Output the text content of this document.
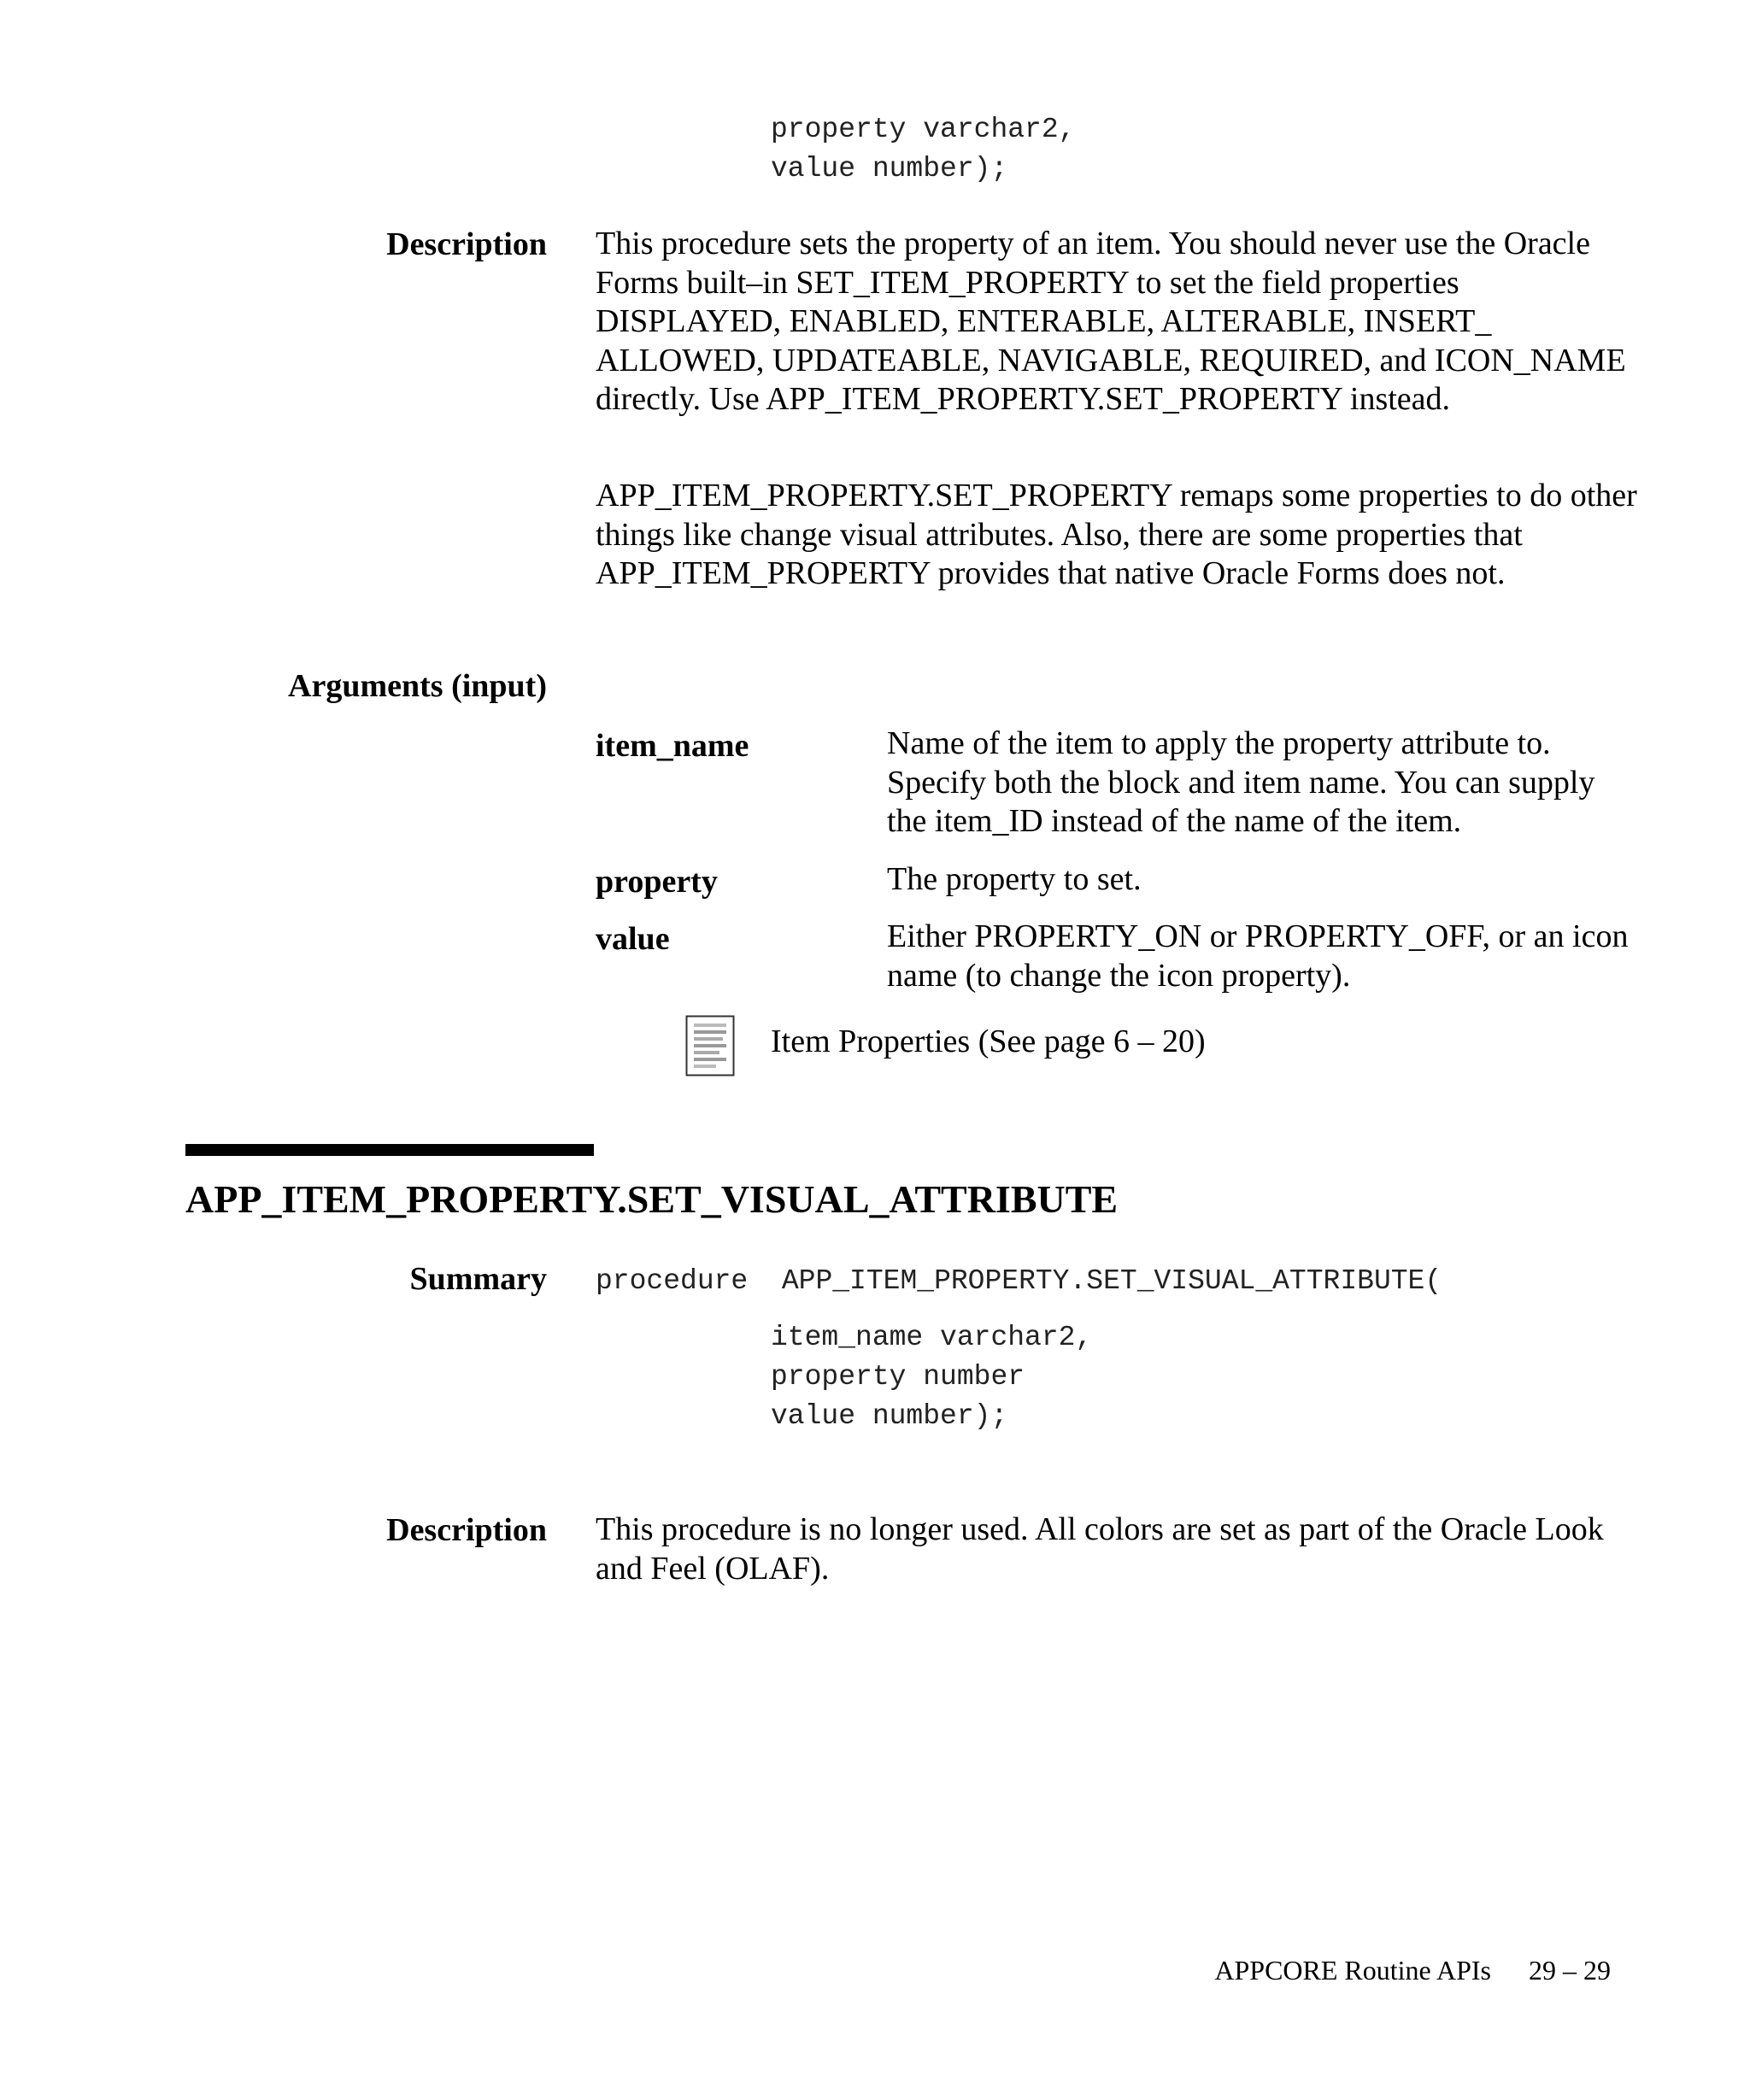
property varchar2,
value number);
Description This procedure sets the property of an item. You should never use the Oracle Forms built–in SET_ITEM_PROPERTY to set the field properties DISPLAYED, ENABLED, ENTERABLE, ALTERABLE, INSERT_ ALLOWED, UPDATEABLE, NAVIGABLE, REQUIRED, and ICON_NAME directly. Use APP_ITEM_PROPERTY.SET_PROPERTY instead.
APP_ITEM_PROPERTY.SET_PROPERTY remaps some properties to do other things like change visual attributes. Also, there are some properties that APP_ITEM_PROPERTY provides that native Oracle Forms does not.
Arguments (input)
item_name	Name of the item to apply the property attribute to. Specify both the block and item name. You can supply the item_ID instead of the name of the item.
property	The property to set.
value	Either PROPERTY_ON or PROPERTY_OFF, or an icon name (to change the icon property).
Item Properties (See page 6 – 20)
APP_ITEM_PROPERTY.SET_VISUAL_ATTRIBUTE
Summary procedure  APP_ITEM_PROPERTY.SET_VISUAL_ATTRIBUTE(
item_name varchar2,
property number
value number);
Description This procedure is no longer used. All colors are set as part of the Oracle Look and Feel (OLAF).
APPCORE Routine APIs 29 – 29
